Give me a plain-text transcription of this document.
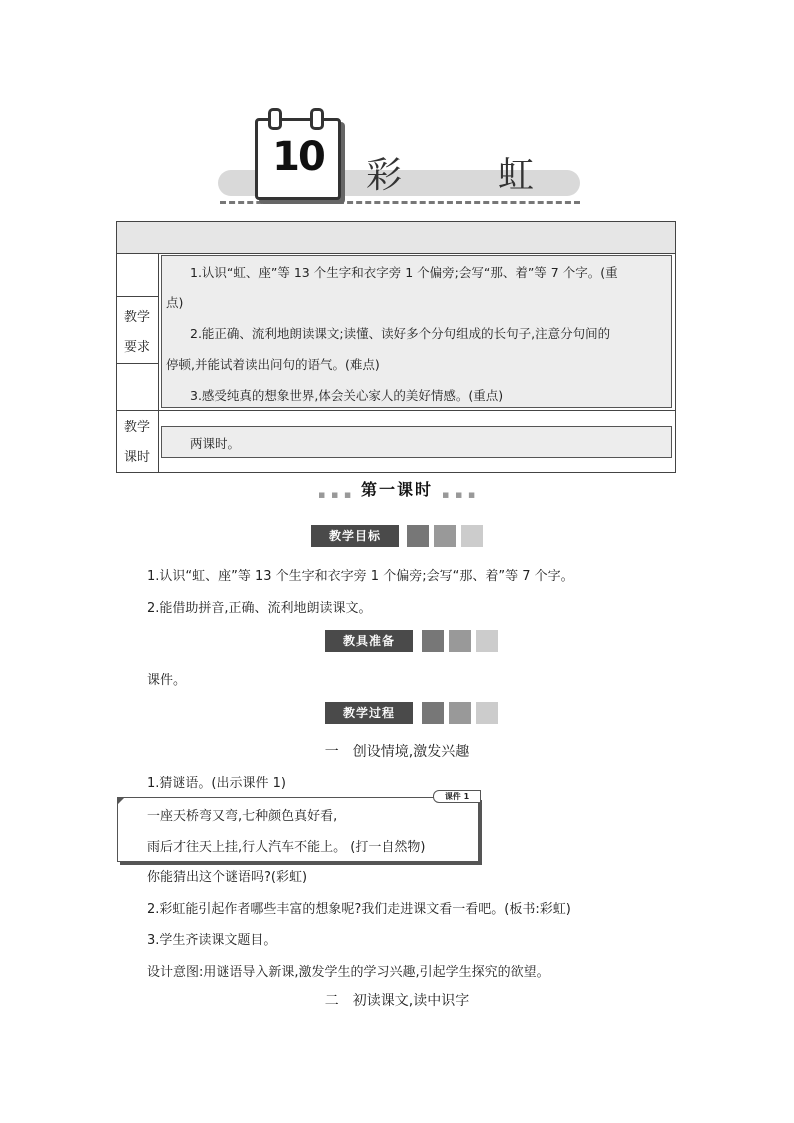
10 彩	虹
教学
要求
1.认识“虹、座”等 13 个生字和衣字旁 1 个偏旁;会写“那、着”等 7 个字。(重
点)
2.能正确、流利地朗读课文;读懂、读好多个分句组成的长句子,注意分句间的
停顿,并能试着读出问句的语气。(难点)
3.感受纯真的想象世界,体会关心家人的美好情感。(重点)
教学
课时
两课时。
▪ ▪ ▪ 第一课时 ▪ ▪ ▪
教学目标
1.认识“虹、座”等 13 个生字和衣字旁 1 个偏旁;会写“那、着”等 7 个字。
2.能借助拼音,正确、流利地朗读课文。
教具准备
课件。
教学过程
一　创设情境,激发兴趣
1.猜谜语。(出示课件 1)
课件 1
一座天桥弯又弯,七种颜色真好看,
雨后才往天上挂,行人汽车不能上。 (打一自然物)
你能猜出这个谜语吗?(彩虹)
2.彩虹能引起作者哪些丰富的想象呢?我们走进课文看一看吧。(板书:彩虹)
3.学生齐读课文题目。
设计意图:用谜语导入新课,激发学生的学习兴趣,引起学生探究的欲望。
二　初读课文,读中识字
